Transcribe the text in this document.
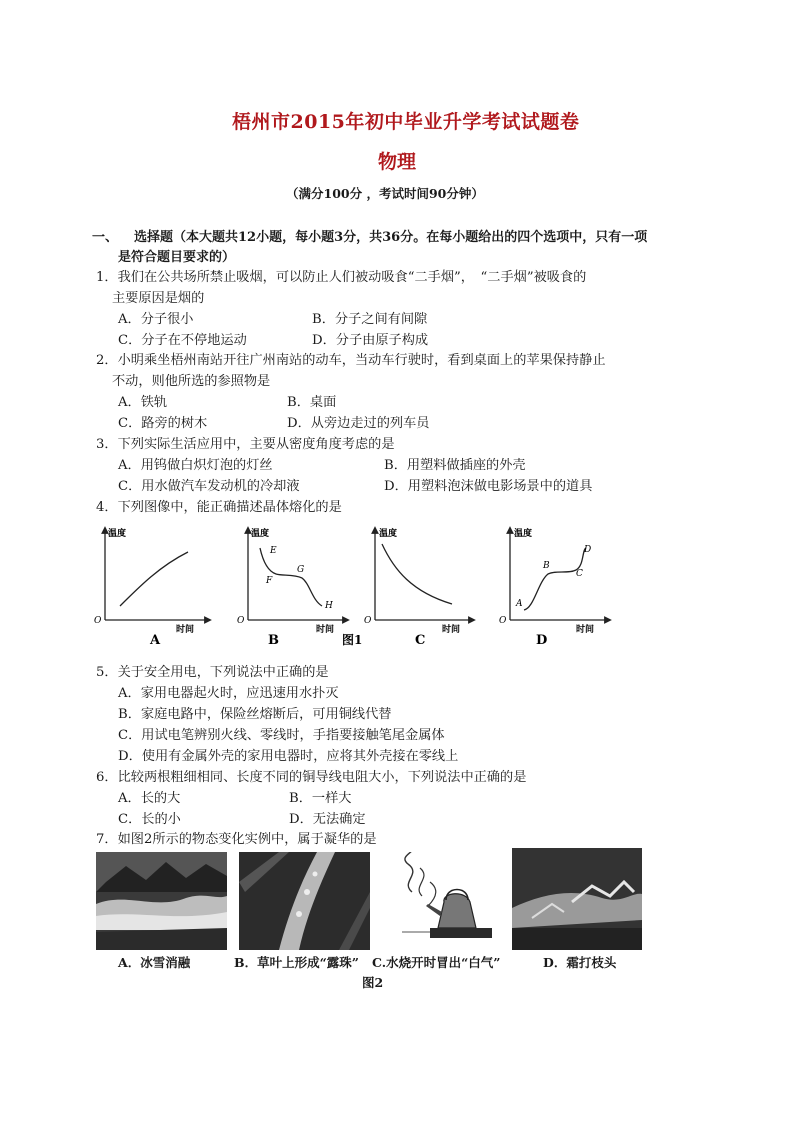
梧州市2015年初中毕业升学考试试题卷
物理
（满分100分 ，考试时间90分钟）
一、 选择题（本大题共12小题，每小题3分，共36分。在每小题给出的四个选项中，只有一项
是符合题目要求的）
1．我们在公共场所禁止吸烟，可以防止人们被动吸食“二手烟”，　“二手烟”被吸食的
主要原因是烟的
A．分子很小	B．分子之间有间隙
C．分子在不停地运动	D．分子由原子构成
2．小明乘坐梧州南站开往广州南站的动车，当动车行驶时，看到桌面上的苹果保持静止
不动，则他所选的参照物是
A．铁轨	B．桌面
C．路旁的树木	D．从旁边走过的列车员
3．下列实际生活应用中，主要从密度角度考虑的是
A．用钨做白炽灯泡的灯丝	B．用塑料做插座的外壳
C．用水做汽车发动机的冷却液	D．用塑料泡沫做电影场景中的道具
4．下列图像中，能正确描述晶体熔化的是
温度
时间
O
A
温度
时间
O
E
F
G
H
B	图1
温度
时间
O
C
温度
时间
O
A
B
C
D
D
5．关于安全用电，下列说法中正确的是
A．家用电器起火时，应迅速用水扑灭
B．家庭电路中，保险丝熔断后，可用铜线代替
C．用试电笔辨别火线、零线时，手指要接触笔尾金属体
D．使用有金属外壳的家用电器时，应将其外壳接在零线上
6．比较两根粗细相同、长度不同的铜导线电阻大小，下列说法中正确的是
A．长的大	B．一样大
C．长的小	D．无法确定
7．如图2所示的物态变化实例中，属于凝华的是
A．冰雪消融	B．草叶上形成“露珠” C.水烧开时冒出“白气”	D．霜打枝头
图2
